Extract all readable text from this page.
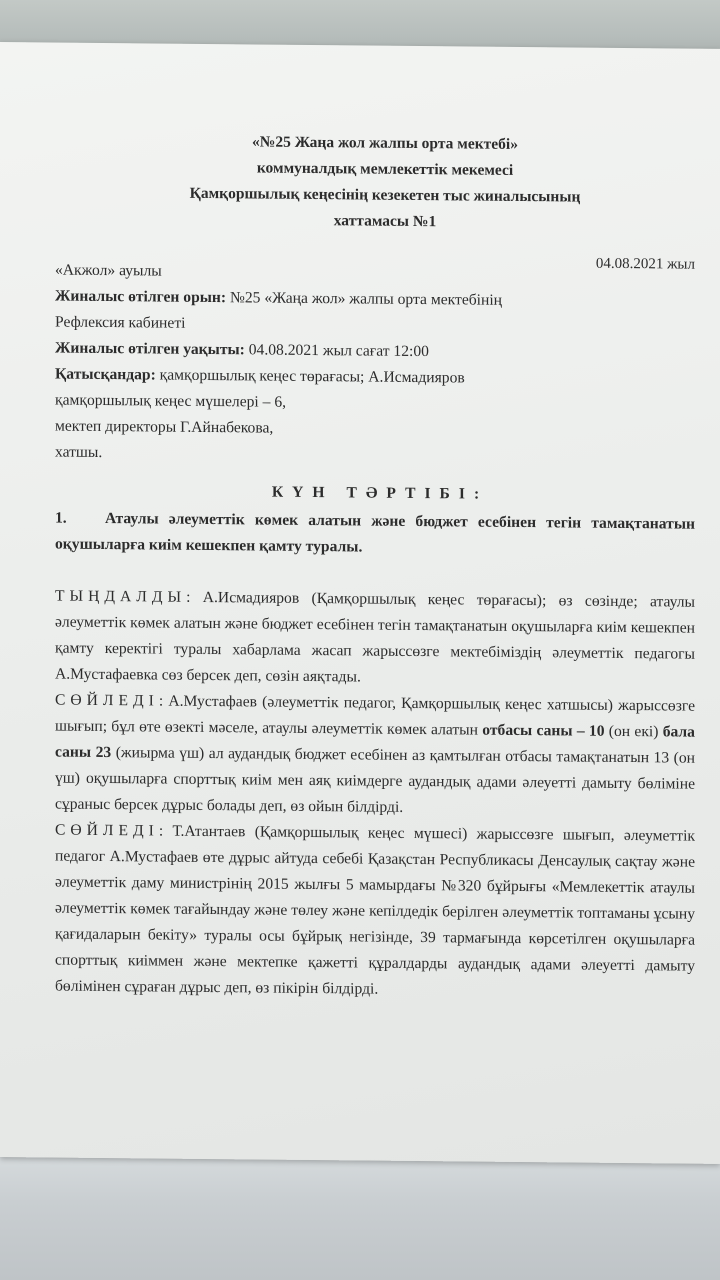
«№25 Жаңа жол жалпы орта мектебі»
коммуналдық мемлекеттік мекемесі
Қамқоршылық кеңесінің кезекетен тыс жиналысының
хаттамасы №1
04.08.2021 жыл
«Акжол» ауылы
Жиналыс өтілген орын: №25 «Жаңа жол» жалпы орта мектебінің
Рефлексия кабинеті
Жиналыс өтілген уақыты: 04.08.2021 жыл сағат 12:00
Қатысқандар: қамқоршылық кеңес төрағасы; А.Исмадияров
қамқоршылық кеңес мүшелері – 6,
мектеп директоры Г.Айнабекова,
хатшы.
КҮН ТӘРТІБІ:
1. Атаулы әлеуметтік көмек алатын және бюджет есебінен тегін тамақтанатын оқушыларға киім кешекпен қамту туралы.

ТЫҢДАЛДЫ: А.Исмадияров (Қамқоршылық кеңес төрағасы); өз сөзінде; атаулы әлеуметтік көмек алатын және бюджет есебінен тегін тамақтанатын оқушыларға киім кешекпен қамту керектігі туралы хабарлама жасап жарыссөзге мектебіміздің әлеуметтік педагогы А.Мустафаевка сөз берсек деп, сөзін аяқтады.

СӨЙЛЕДІ: А.Мустафаев (әлеуметтік педагог, Қамқоршылық кеңес хатшысы) жарыссөзге шығып; бұл өте өзекті мәселе, атаулы әлеуметтік көмек алатын отбасы саны – 10 (он екі) бала саны 23 (жиырма үш) ал аудандық бюджет есебінен аз қамтылған отбасы тамақтанатын 13 (он үш) оқушыларға спорттық киім мен аяқ киімдерге аудандық адами әлеуетті дамыту бөліміне сұраныс берсек дұрыс болады деп, өз ойын білдірді.

СӨЙЛЕДІ: Т.Атантаев (Қамқоршылық кеңес мүшесі) жарыссөзге шығып, әлеуметтік педагог А.Мустафаев өте дұрыс айтуда себебі Қазақстан Республикасы Денсаулық сақтау және әлеуметтік даму министрінің 2015 жылғы 5 мамырдағы №320 бұйрығы «Мемлекеттік атаулы әлеуметтік көмек тағайындау және төлеу және кепілдедік берілген әлеуметтік топтаманы ұсыну қағидаларын бекіту» туралы осы бұйрық негізінде, 39 тармағында көрсетілген оқушыларға спорттық киіммен және мектепке қажетті құралдарды аудандық адами әлеуетті дамыту бөлімінен сұраған дұрыс деп, өз пікірін білдірді.
